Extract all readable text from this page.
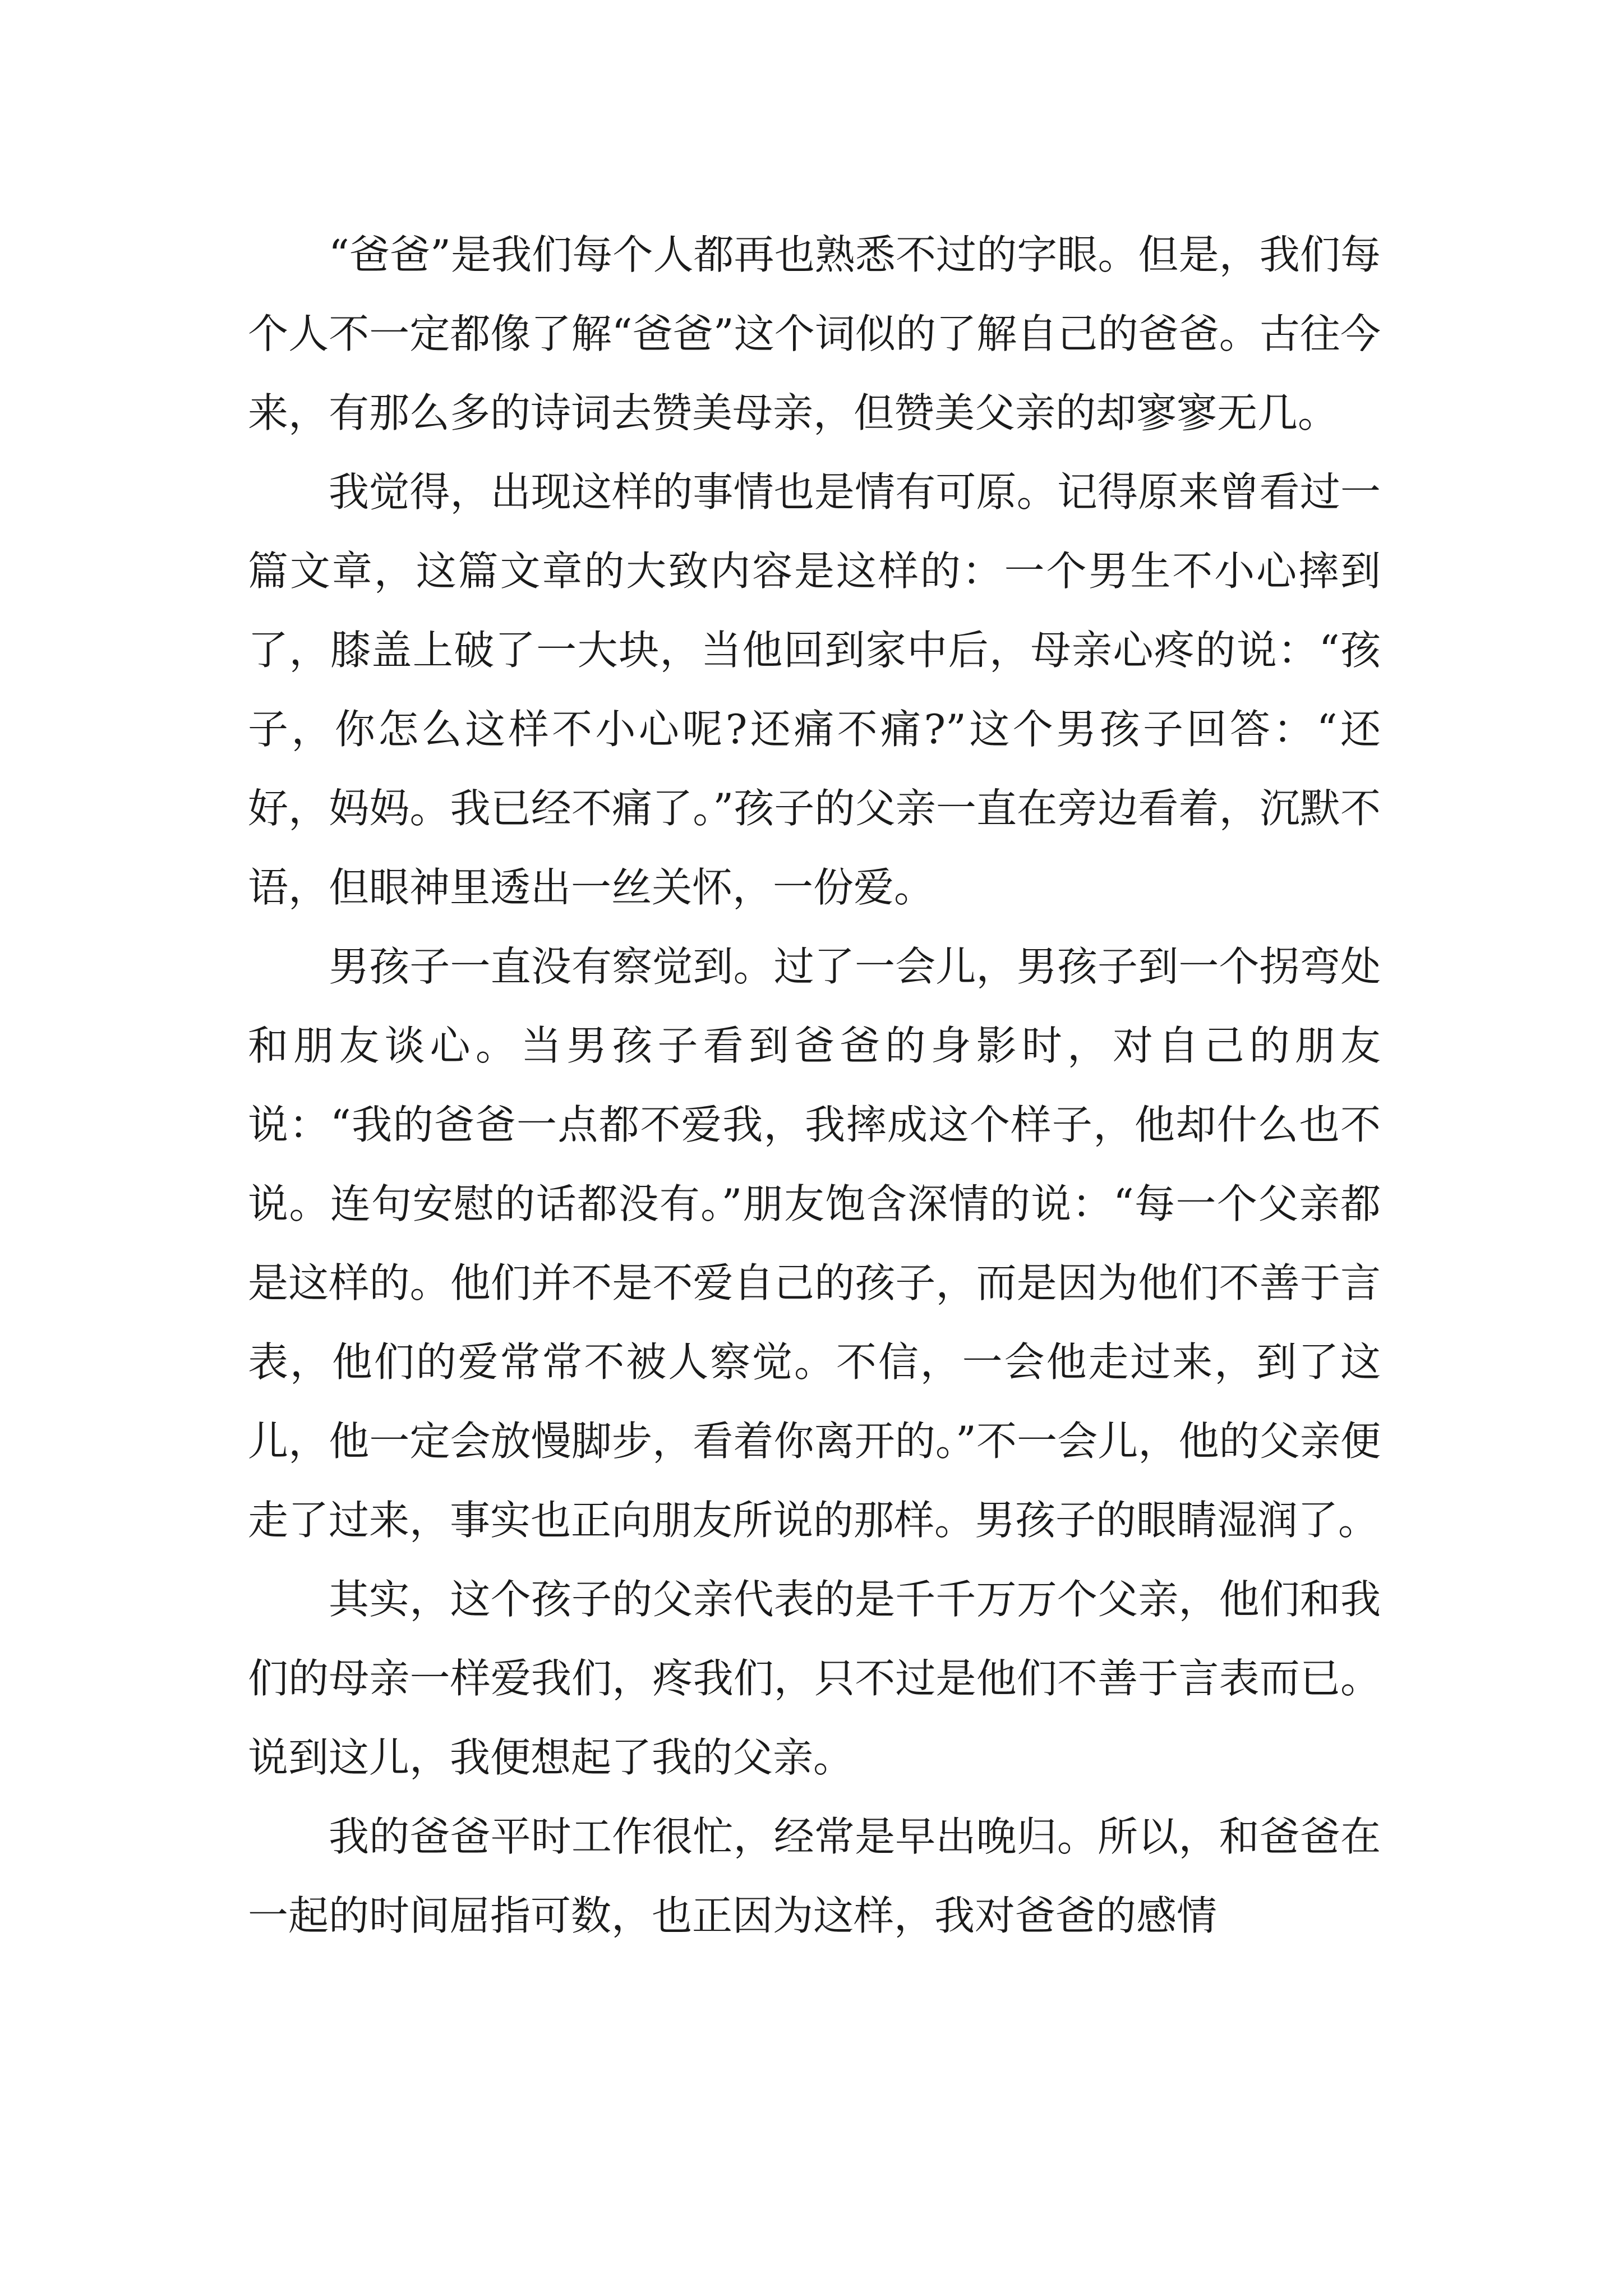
“爸爸”是我们每个人都再也熟悉不过的字眼。但是，我们每个人不一定都像了解“爸爸”这个词似的了解自己的爸爸。古往今来，有那么多的诗词去赞美母亲，但赞美父亲的却寥寥无几。

我觉得，出现这样的事情也是情有可原。记得原来曾看过一篇文章，这篇文章的大致内容是这样的：一个男生不小心摔到了，膝盖上破了一大块，当他回到家中后，母亲心疼的说：“孩子，你怎么这样不小心呢?还痛不痛?”这个男孩子回答：“还好，妈妈。我已经不痛了。”孩子的父亲一直在旁边看着，沉默不语，但眼神里透出一丝关怀，一份爱。

男孩子一直没有察觉到。过了一会儿，男孩子到一个拐弯处和朋友谈心。当男孩子看到爸爸的身影时，对自己的朋友说：“我的爸爸一点都不爱我，我摔成这个样子，他却什么也不说。连句安慰的话都没有。”朋友饱含深情的说：“每一个父亲都是这样的。他们并不是不爱自己的孩子，而是因为他们不善于言表，他们的爱常常不被人察觉。不信，一会他走过来，到了这儿，他一定会放慢脚步，看着你离开的。”不一会儿，他的父亲便走了过来，事实也正向朋友所说的那样。男孩子的眼睛湿润了。

其实，这个孩子的父亲代表的是千千万万个父亲，他们和我们的母亲一样爱我们，疼我们，只不过是他们不善于言表而已。说到这儿，我便想起了我的父亲。

我的爸爸平时工作很忙，经常是早出晚归。所以，和爸爸在一起的时间屈指可数，也正因为这样，我对爸爸的感情
